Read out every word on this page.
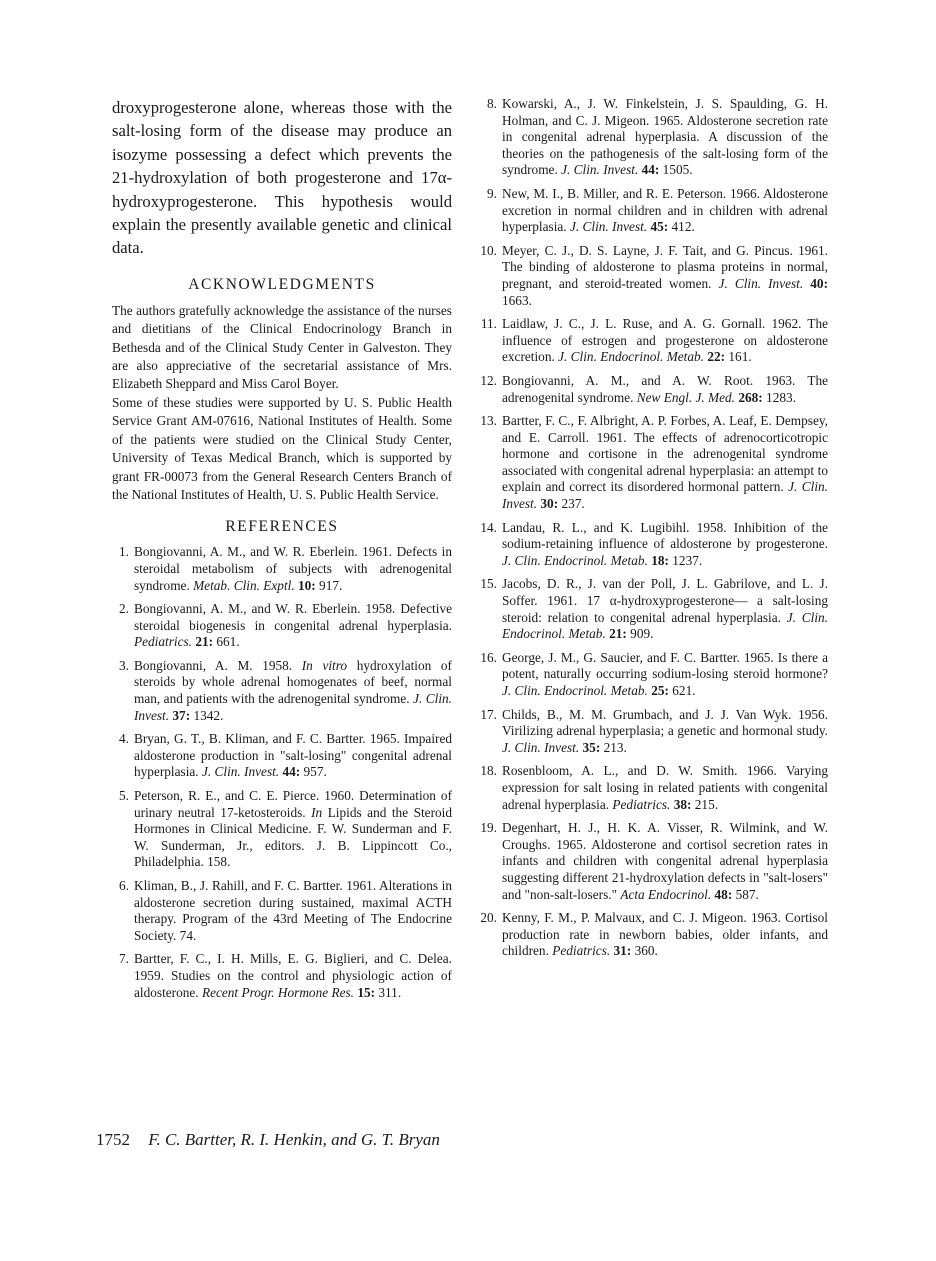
droxyprogesterone alone, whereas those with the salt-losing form of the disease may produce an isozyme possessing a defect which prevents the 21-hydroxylation of both progesterone and 17α-hydroxyprogesterone. This hypothesis would explain the presently available genetic and clinical data.

ACKNOWLEDGMENTS

The authors gratefully acknowledge the assistance of the nurses and dietitians of the Clinical Endocrinology Branch in Bethesda and of the Clinical Study Center in Galveston. They are also appreciative of the secretarial assistance of Mrs. Elizabeth Sheppard and Miss Carol Boyer.

Some of these studies were supported by U. S. Public Health Service Grant AM-07616, National Institutes of Health. Some of the patients were studied on the Clinical Study Center, University of Texas Medical Branch, which is supported by grant FR-00073 from the General Research Centers Branch of the National Institutes of Health, U. S. Public Health Service.

REFERENCES
1 . Bongiovanni, A. M., and W. R. Eberlein. 1961. Defects in steroidal metabolism of subjects with adrenogenital syndrome. Metab. Clin. Exptl. 10: 917.
2 . Bongiovanni, A. M., and W. R. Eberlein. 1958. Defective steroidal biogenesis in congenital adrenal hyperplasia. Pediatrics. 21: 661.
3 . Bongiovanni, A. M. 1958. In vitro hydroxylation of steroids by whole adrenal homogenates of beef, normal man, and patients with the adrenogenital syndrome. J. Clin. Invest. 37: 1342.
4 . Bryan, G. T., B. Kliman, and F. C. Bartter. 1965. Impaired aldosterone production in "salt-losing" congenital adrenal hyperplasia. J. Clin. Invest. 44: 957.
5 . Peterson, R. E., and C. E. Pierce. 1960. Determination of urinary neutral 17-ketosteroids. In Lipids and the Steroid Hormones in Clinical Medicine. F. W. Sunderman and F. W. Sunderman, Jr., editors. J. B. Lippincott Co., Philadelphia. 158.
6 . Kliman, B., J. Rahill, and F. C. Bartter. 1961. Alterations in aldosterone secretion during sustained, maximal ACTH therapy. Program of the 43rd Meeting of The Endocrine Society. 74.
7 . Bartter, F. C., I. H. Mills, E. G. Biglieri, and C. Delea. 1959. Studies on the control and physiologic action of aldosterone. Recent Progr. Hormone Res. 15: 311.
8 . Kowarski, A., J. W. Finkelstein, J. S. Spaulding, G. H. Holman, and C. J. Migeon. 1965. Aldosterone secretion rate in congenital adrenal hyperplasia. A discussion of the theories on the pathogenesis of the salt-losing form of the syndrome. J. Clin. Invest. 44: 1505.
9 . New, M. I., B. Miller, and R. E. Peterson. 1966. Aldosterone excretion in normal children and in children with adrenal hyperplasia. J. Clin. Invest. 45: 412.
10 . Meyer, C. J., D. S. Layne, J. F. Tait, and G. Pincus. 1961. The binding of aldosterone to plasma proteins in normal, pregnant, and steroid-treated women. J. Clin. Invest. 40: 1663.
11 . Laidlaw, J. C., J. L. Ruse, and A. G. Gornall. 1962. The influence of estrogen and progesterone on aldosterone excretion. J. Clin. Endocrinol. Metab. 22: 161.
12 . Bongiovanni, A. M., and A. W. Root. 1963. The adrenogenital syndrome. New Engl. J. Med. 268: 1283.
13 . Bartter, F. C., F. Albright, A. P. Forbes, A. Leaf, E. Dempsey, and E. Carroll. 1961. The effects of adrenocorticotropic hormone and cortisone in the adrenogenital syndrome associated with congenital adrenal hyperplasia: an attempt to explain and correct its disordered hormonal pattern. J. Clin. Invest. 30: 237.
14 . Landau, R. L., and K. Lugibihl. 1958. Inhibition of the sodium-retaining influence of aldosterone by progesterone. J. Clin. Endocrinol. Metab. 18: 1237.
15 . Jacobs, D. R., J. van der Poll, J. L. Gabrilove, and L. J. Soffer. 1961. 17 α-hydroxyprogesterone— a salt-losing steroid: relation to congenital adrenal hyperplasia. J. Clin. Endocrinol. Metab. 21: 909.
16 . George, J. M., G. Saucier, and F. C. Bartter. 1965. Is there a potent, naturally occurring sodium-losing steroid hormone? J. Clin. Endocrinol. Metab. 25: 621.
17 . Childs, B., M. M. Grumbach, and J. J. Van Wyk. 1956. Virilizing adrenal hyperplasia; a genetic and hormonal study. J. Clin. Invest. 35: 213.
18 . Rosenbloom, A. L., and D. W. Smith. 1966. Varying expression for salt losing in related patients with congenital adrenal hyperplasia. Pediatrics. 38: 215.
19 . Degenhart, H. J., H. K. A. Visser, R. Wilmink, and W. Croughs. 1965. Aldosterone and cortisol secretion rates in infants and children with congenital adrenal hyperplasia suggesting different 21-hydroxylation defects in "salt-losers" and "non-salt-losers." Acta Endocrinol. 48: 587.
20 . Kenny, F. M., P. Malvaux, and C. J. Migeon. 1963. Cortisol production rate in newborn babies, older infants, and children. Pediatrics. 31: 360.
1752 F. C. Bartter, R. I. Henkin, and G. T. Bryan
